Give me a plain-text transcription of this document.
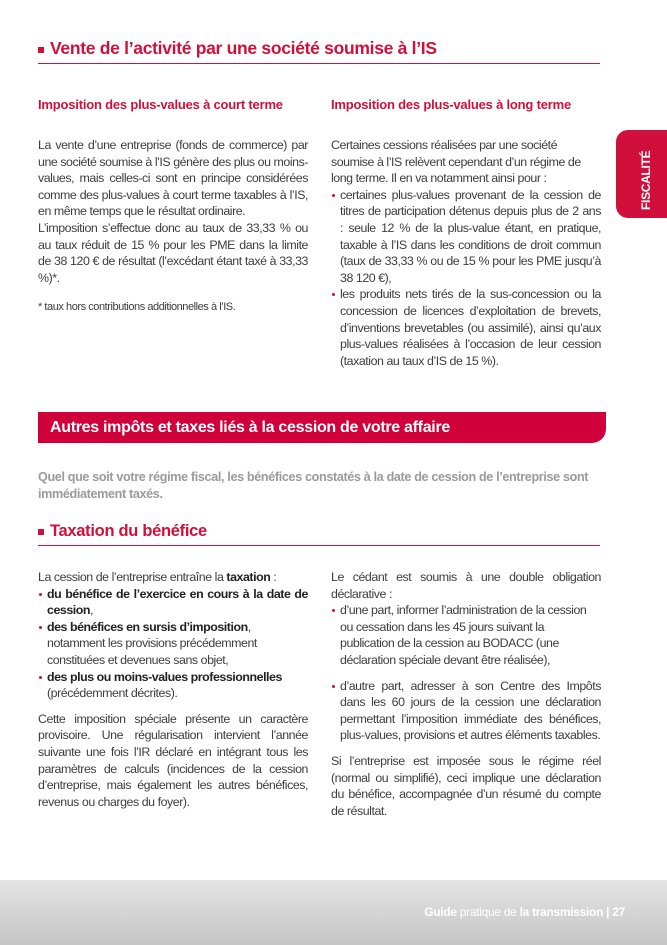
Vente de l’activité par une société soumise à l’IS
Imposition des plus-values à court terme

La vente d’une entreprise (fonds de commerce) par une société soumise à l’IS génère des plus ou moins-values, mais celles-ci sont en principe considérées comme des plus-values à court terme taxables à l’IS, en même temps que le résultat ordinaire.

L’imposition s’effectue donc au taux de 33,33 % ou au taux réduit de 15 % pour les PME dans la limite de 38 120 € de résultat (l’excédant étant taxé à 33,33 %)*.

* taux hors contributions additionnelles à l’IS.

Imposition des plus-values à long terme

Certaines cessions réalisées par une société soumise à l’IS relèvent cependant d’un régime de long terme. Il en va notamment ainsi pour :

certaines plus-values provenant de la cession de titres de participation détenus depuis plus de 2 ans : seule 12 % de la plus-value étant, en pratique, taxable à l’IS dans les conditions de droit commun (taux de 33,33 % ou de 15 % pour les PME jusqu’à 38 120 €),

les produits nets tirés de la sus-concession ou la concession de licences d’exploitation de brevets, d’inventions brevetables (ou assimilé), ainsi qu’aux plus-values réalisées à l’occasion de leur cession (taxation au taux d’IS de 15 %).

FISCALITÉ
Autres impôts et taxes liés à la cession de votre affaire
Quel que soit votre régime fiscal, les bénéfices constatés à la date de cession de l’entreprise sont immédiatement taxés.
Taxation du bénéfice

La cession de l’entreprise entraîne la taxation :

du bénéfice de l’exercice en cours à la date de cession,

des bénéfices en sursis d’imposition, notamment les provisions précédemment constituées et devenues sans objet,

des plus ou moins-values professionnelles (précédemment décrites).

Cette imposition spéciale présente un caractère provisoire. Une régularisation intervient l’année suivante une fois l’IR déclaré en intégrant tous les paramètres de calculs (incidences de la cession d’entreprise, mais également les autres bénéfices, revenus ou charges du foyer).

Le cédant est soumis à une double obligation déclarative :

d’une part, informer l’administration de la cession ou cessation dans les 45 jours suivant la publication de la cession au BODACC (une déclaration spéciale devant être réalisée),

d’autre part, adresser à son Centre des Impôts dans les 60 jours de la cession une déclaration permettant l’imposition immédiate des bénéfices, plus-values, provisions et autres éléments taxables.

Si l’entreprise est imposée sous le régime réel (normal ou simplifié), ceci implique une déclaration du bénéfice, accompagnée d’un résumé du compte de résultat.

Guide pratique de la transmission | 27
